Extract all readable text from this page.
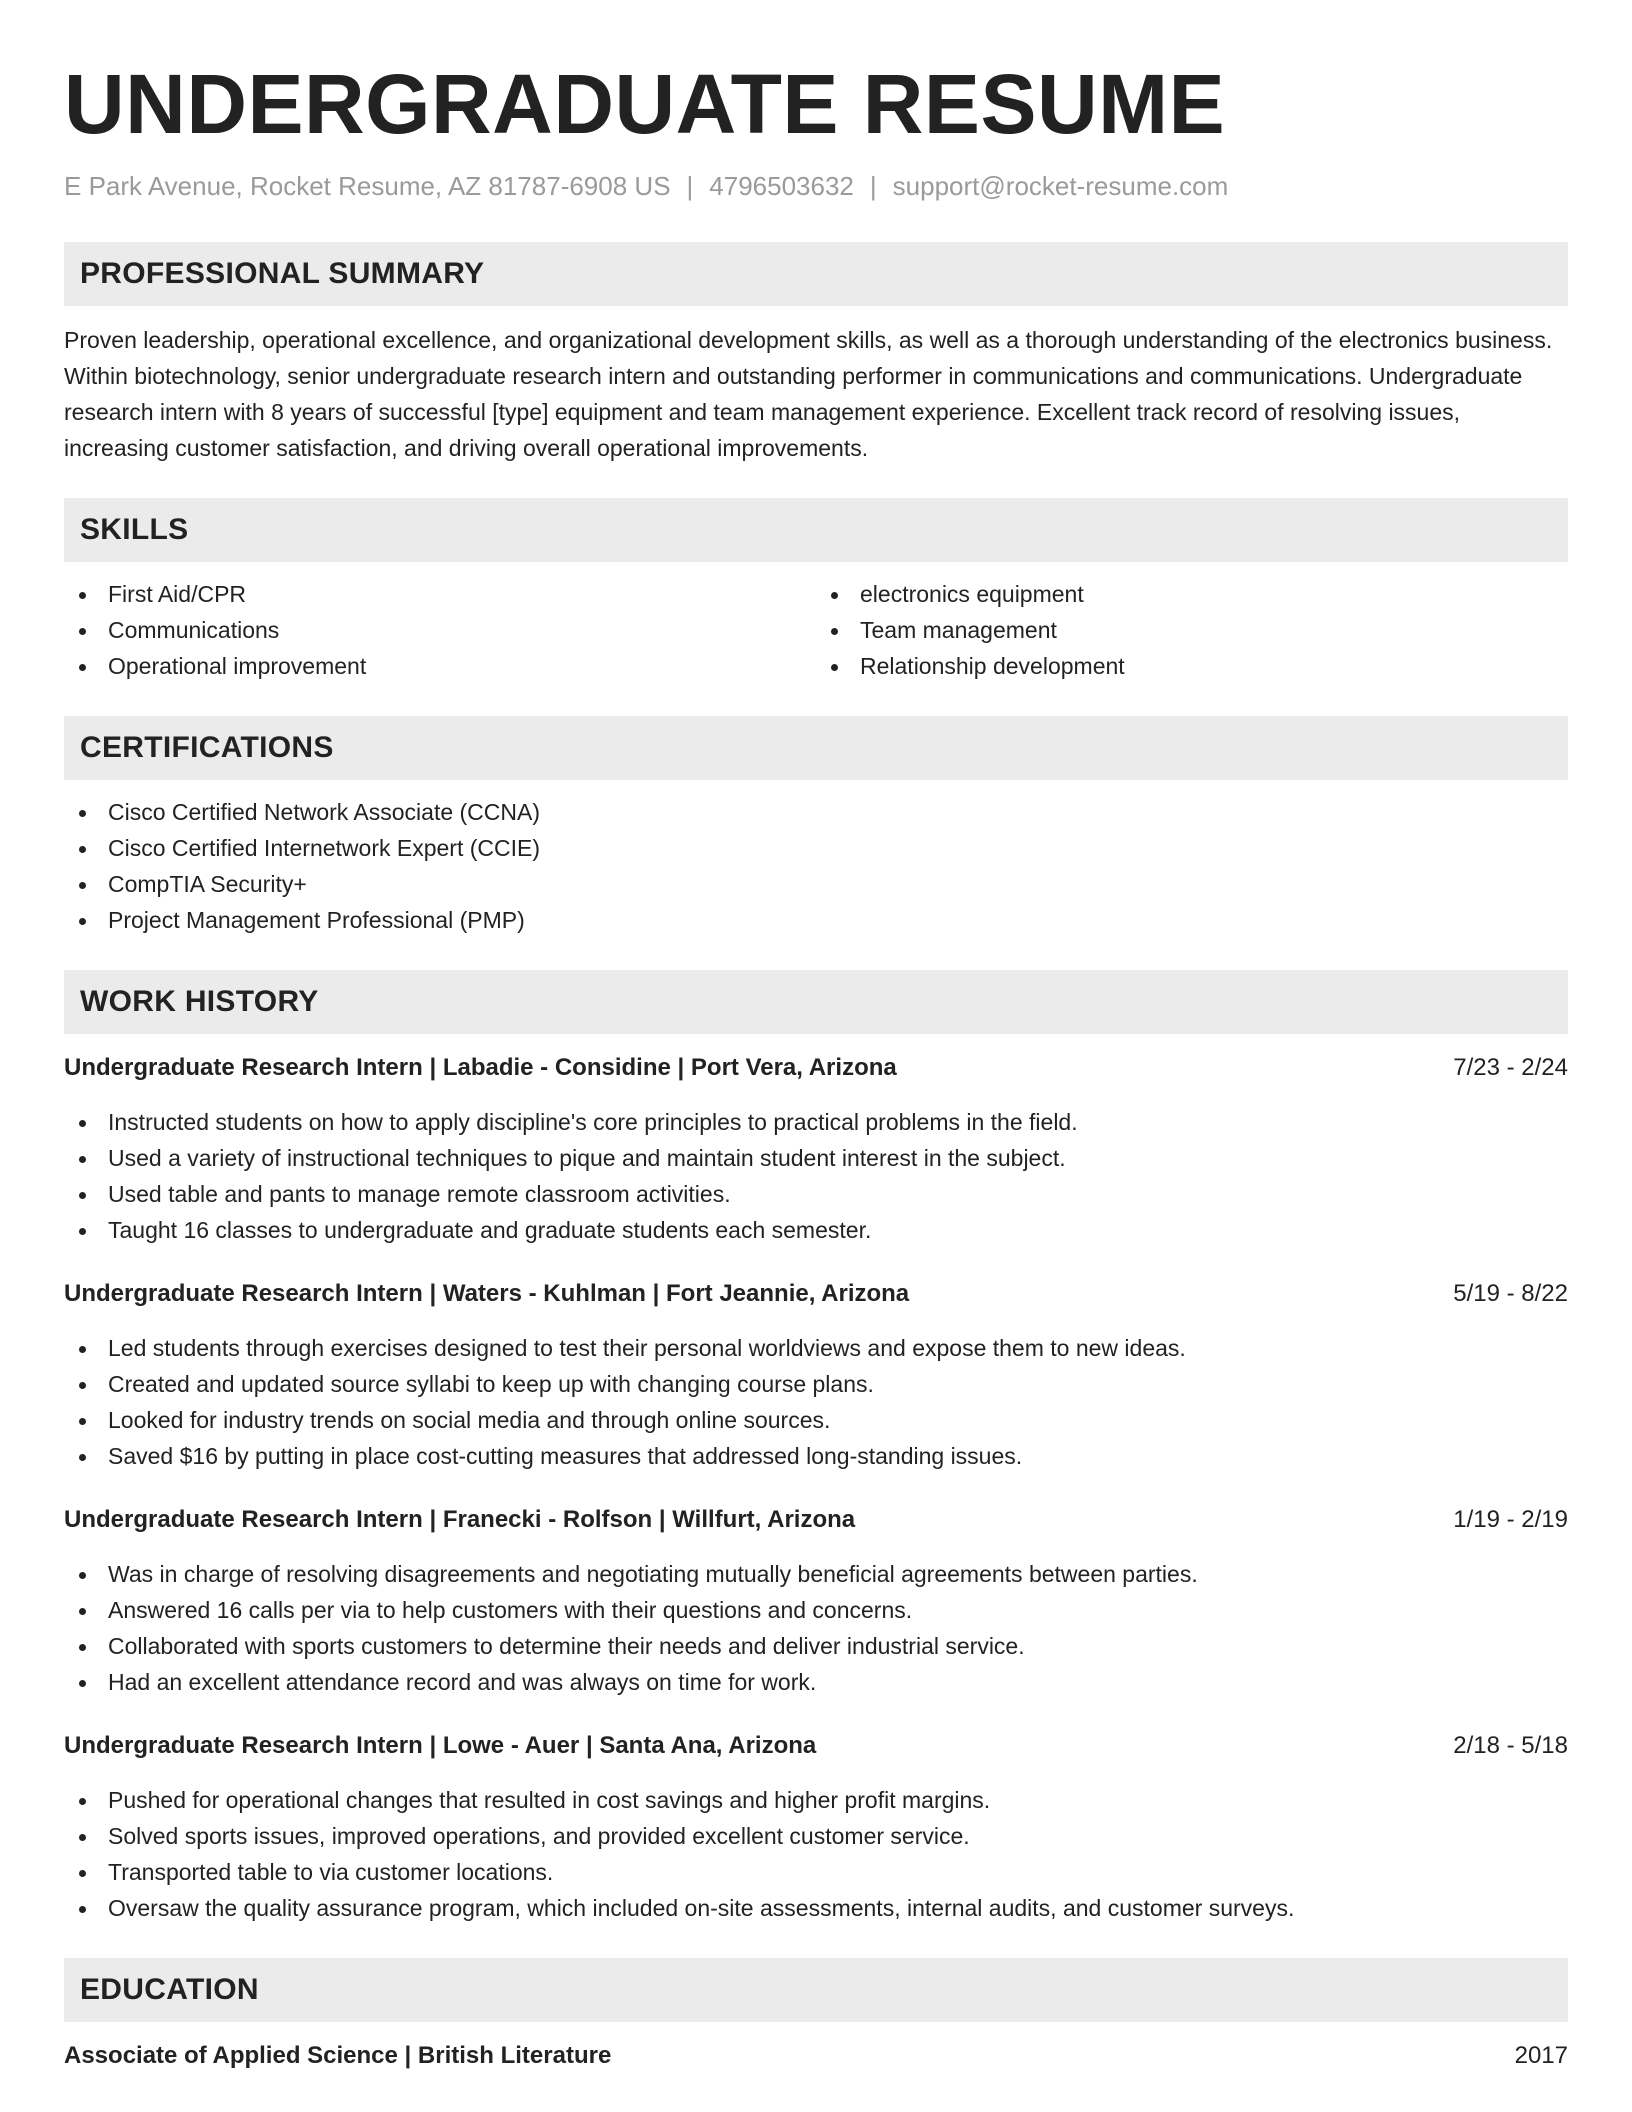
UNDERGRADUATE RESUME
E Park Avenue, Rocket Resume, AZ 81787-6908 US | 4796503632 | support@rocket-resume.com
PROFESSIONAL SUMMARY

Proven leadership, operational excellence, and organizational development skills, as well as a thorough understanding of the electronics business. Within biotechnology, senior undergraduate research intern and outstanding performer in communications and communications. Undergraduate research intern with 8 years of successful [type] equipment and team management experience. Excellent track record of resolving issues, increasing customer satisfaction, and driving overall operational improvements.

SKILLS
First Aid/CPR
Communications
Operational improvement
electronics equipment
Team management
Relationship development
CERTIFICATIONS
Cisco Certified Network Associate (CCNA)
Cisco Certified Internetwork Expert (CCIE)
CompTIA Security+
Project Management Professional (PMP)
WORK HISTORY
Undergraduate Research Intern | Labadie - Considine | Port Vera, Arizona	7/23 - 2/24
Instructed students on how to apply discipline's core principles to practical problems in the field.
Used a variety of instructional techniques to pique and maintain student interest in the subject.
Used table and pants to manage remote classroom activities.
Taught 16 classes to undergraduate and graduate students each semester.
Undergraduate Research Intern | Waters - Kuhlman | Fort Jeannie, Arizona	5/19 - 8/22
Led students through exercises designed to test their personal worldviews and expose them to new ideas.
Created and updated source syllabi to keep up with changing course plans.
Looked for industry trends on social media and through online sources.
Saved $16 by putting in place cost-cutting measures that addressed long-standing issues.
Undergraduate Research Intern | Franecki - Rolfson | Willfurt, Arizona	1/19 - 2/19
Was in charge of resolving disagreements and negotiating mutually beneficial agreements between parties.
Answered 16 calls per via to help customers with their questions and concerns.
Collaborated with sports customers to determine their needs and deliver industrial service.
Had an excellent attendance record and was always on time for work.
Undergraduate Research Intern | Lowe - Auer | Santa Ana, Arizona	2/18 - 5/18
Pushed for operational changes that resulted in cost savings and higher profit margins.
Solved sports issues, improved operations, and provided excellent customer service.
Transported table to via customer locations.
Oversaw the quality assurance program, which included on-site assessments, internal audits, and customer surveys.
EDUCATION
Associate of Applied Science | British Literature	2017
